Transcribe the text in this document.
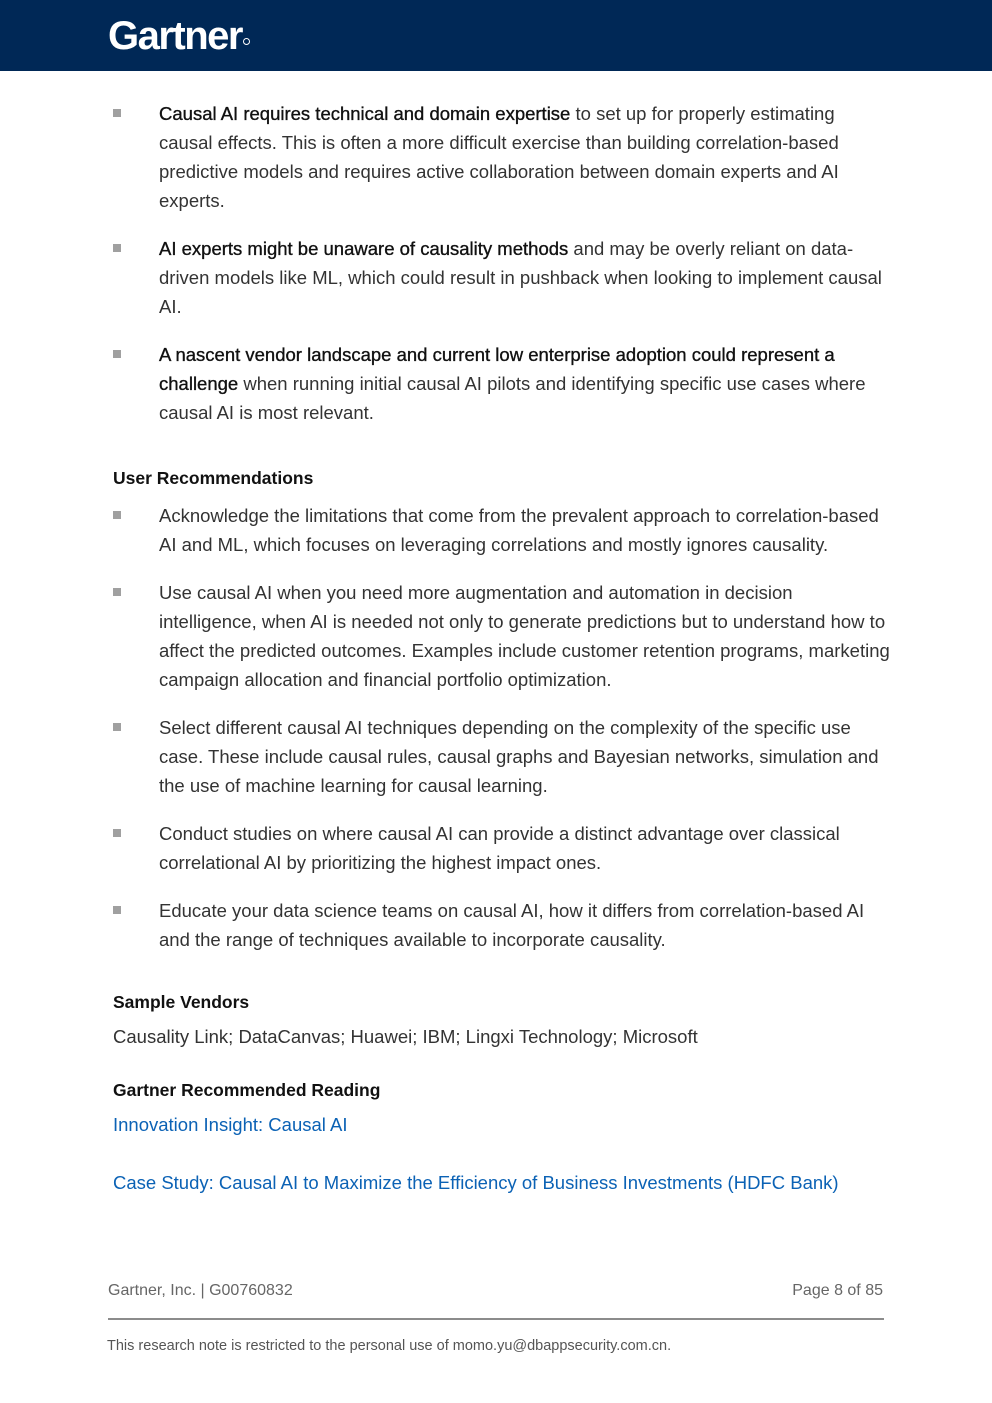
Gartner
Causal AI requires technical and domain expertise to set up for properly estimating causal effects. This is often a more difficult exercise than building correlation-based predictive models and requires active collaboration between domain experts and AI experts.
AI experts might be unaware of causality methods and may be overly reliant on data-driven models like ML, which could result in pushback when looking to implement causal AI.
A nascent vendor landscape and current low enterprise adoption could represent a challenge when running initial causal AI pilots and identifying specific use cases where causal AI is most relevant.
User Recommendations
Acknowledge the limitations that come from the prevalent approach to correlation-based AI and ML, which focuses on leveraging correlations and mostly ignores causality.
Use causal AI when you need more augmentation and automation in decision intelligence, when AI is needed not only to generate predictions but to understand how to affect the predicted outcomes. Examples include customer retention programs, marketing campaign allocation and financial portfolio optimization.
Select different causal AI techniques depending on the complexity of the specific use case. These include causal rules, causal graphs and Bayesian networks, simulation and the use of machine learning for causal learning.
Conduct studies on where causal AI can provide a distinct advantage over classical correlational AI by prioritizing the highest impact ones.
Educate your data science teams on causal AI, how it differs from correlation-based AI and the range of techniques available to incorporate causality.
Sample Vendors

Causality Link; DataCanvas; Huawei; IBM; Lingxi Technology; Microsoft

Gartner Recommended Reading
Innovation Insight: Causal AI
Case Study: Causal AI to Maximize the Efficiency of Business Investments (HDFC Bank)
Gartner, Inc. | G00760832	Page 8 of 85
This research note is restricted to the personal use of momo.yu@dbappsecurity.com.cn.
